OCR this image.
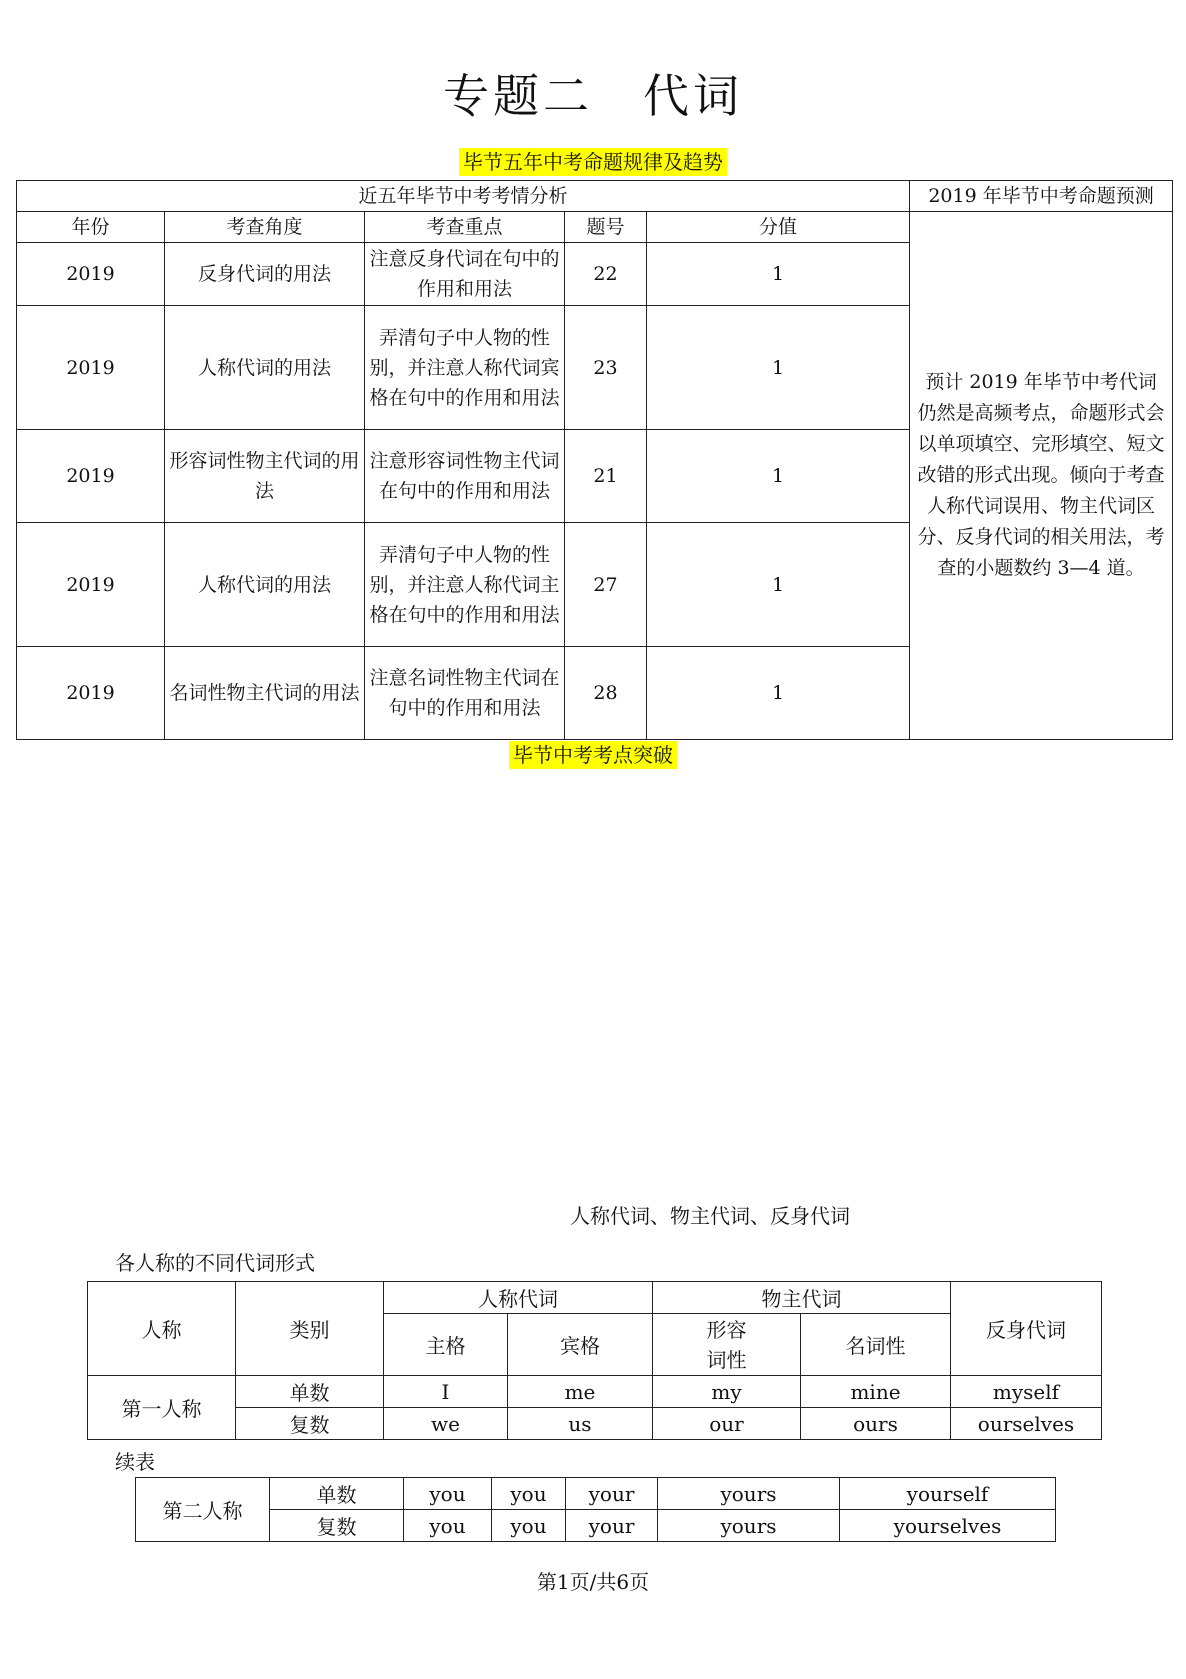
专题二　代词
毕节五年中考命题规律及趋势
近五年毕节中考考情分析					2019 年毕节中考命题预测
年份	考查角度	考查重点	题号	分值	预计 2019 年毕节中考代词仍然是高频考点，命题形式会以单项填空、完形填空、短文改错的形式出现。倾向于考查人称代词误用、物主代词区分、反身代词的相关用法，考查的小题数约 3—4 道。
2019	反身代词的用法	注意反身代词在句中的作用和用法	22	1	
2019	人称代词的用法	弄清句子中人物的性别，并注意人称代词宾格在句中的作用和用法	23	1	
2019	形容词性物主代词的用法	注意形容词性物主代词在句中的作用和用法	21	1	
2019	人称代词的用法	弄清句子中人物的性别，并注意人称代词主格在句中的作用和用法	27	1	
2019	名词性物主代词的用法	注意名词性物主代词在句中的作用和用法	28	1	
毕节中考考点突破
人称代词、物主代词、反身代词
各人称的不同代词形式
人称	类别	人称代词		物主代词		反身代词
		主格	宾格	形容词性	名词性	
第一人称	单数	I	me	my	mine	myself
	复数	we	us	our	ours	ourselves
续表
第二人称	单数	you	you	your	yours	yourself
	复数	you	you	your	yours	yourselves
第1页/共6页
